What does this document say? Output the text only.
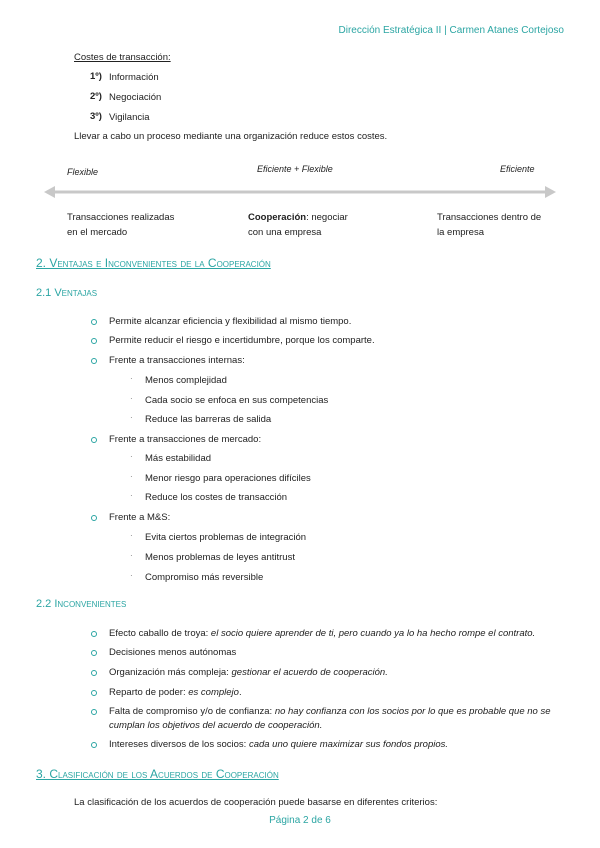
Dirección Estratégica II | Carmen Atanes Cortejoso
Costes de transacción:
1º) Información
2º) Negociación
3º) Vigilancia
Llevar a cabo un proceso mediante una organización reduce estos costes.
Flexible	Eficiente + Flexible	Eficiente
Transacciones realizadas
en el mercado
Cooperación: negociar
con una empresa
Transacciones dentro de
la empresa
2. Ventajas e Inconvenientes de la Cooperación
2.1 Ventajas
Permite alcanzar eficiencia y flexibilidad al mismo tiempo.
Permite reducir el riesgo e incertidumbre, porque los comparte.
Frente a transacciones internas:
· Menos complejidad
· Cada socio se enfoca en sus competencias
· Reduce las barreras de salida
Frente a transacciones de mercado:
· Más estabilidad
· Menor riesgo para operaciones difíciles
· Reduce los costes de transacción
Frente a M&S:
· Evita ciertos problemas de integración
· Menos problemas de leyes antitrust
· Compromiso más reversible
2.2 Inconvenientes
Efecto caballo de troya: el socio quiere aprender de ti, pero cuando ya lo ha hecho rompe el contrato.
Decisiones menos autónomas
Organización más compleja: gestionar el acuerdo de cooperación.
Reparto de poder: es complejo.
Falta de compromiso y/o de confianza: no hay confianza con los socios por lo que es probable que no se
cumplan los objetivos del acuerdo de cooperación.
Intereses diversos de los socios: cada uno quiere maximizar sus fondos propios.
3. Clasificación de los Acuerdos de Cooperación
La clasificación de los acuerdos de cooperación puede basarse en diferentes criterios:
Página 2 de 6
